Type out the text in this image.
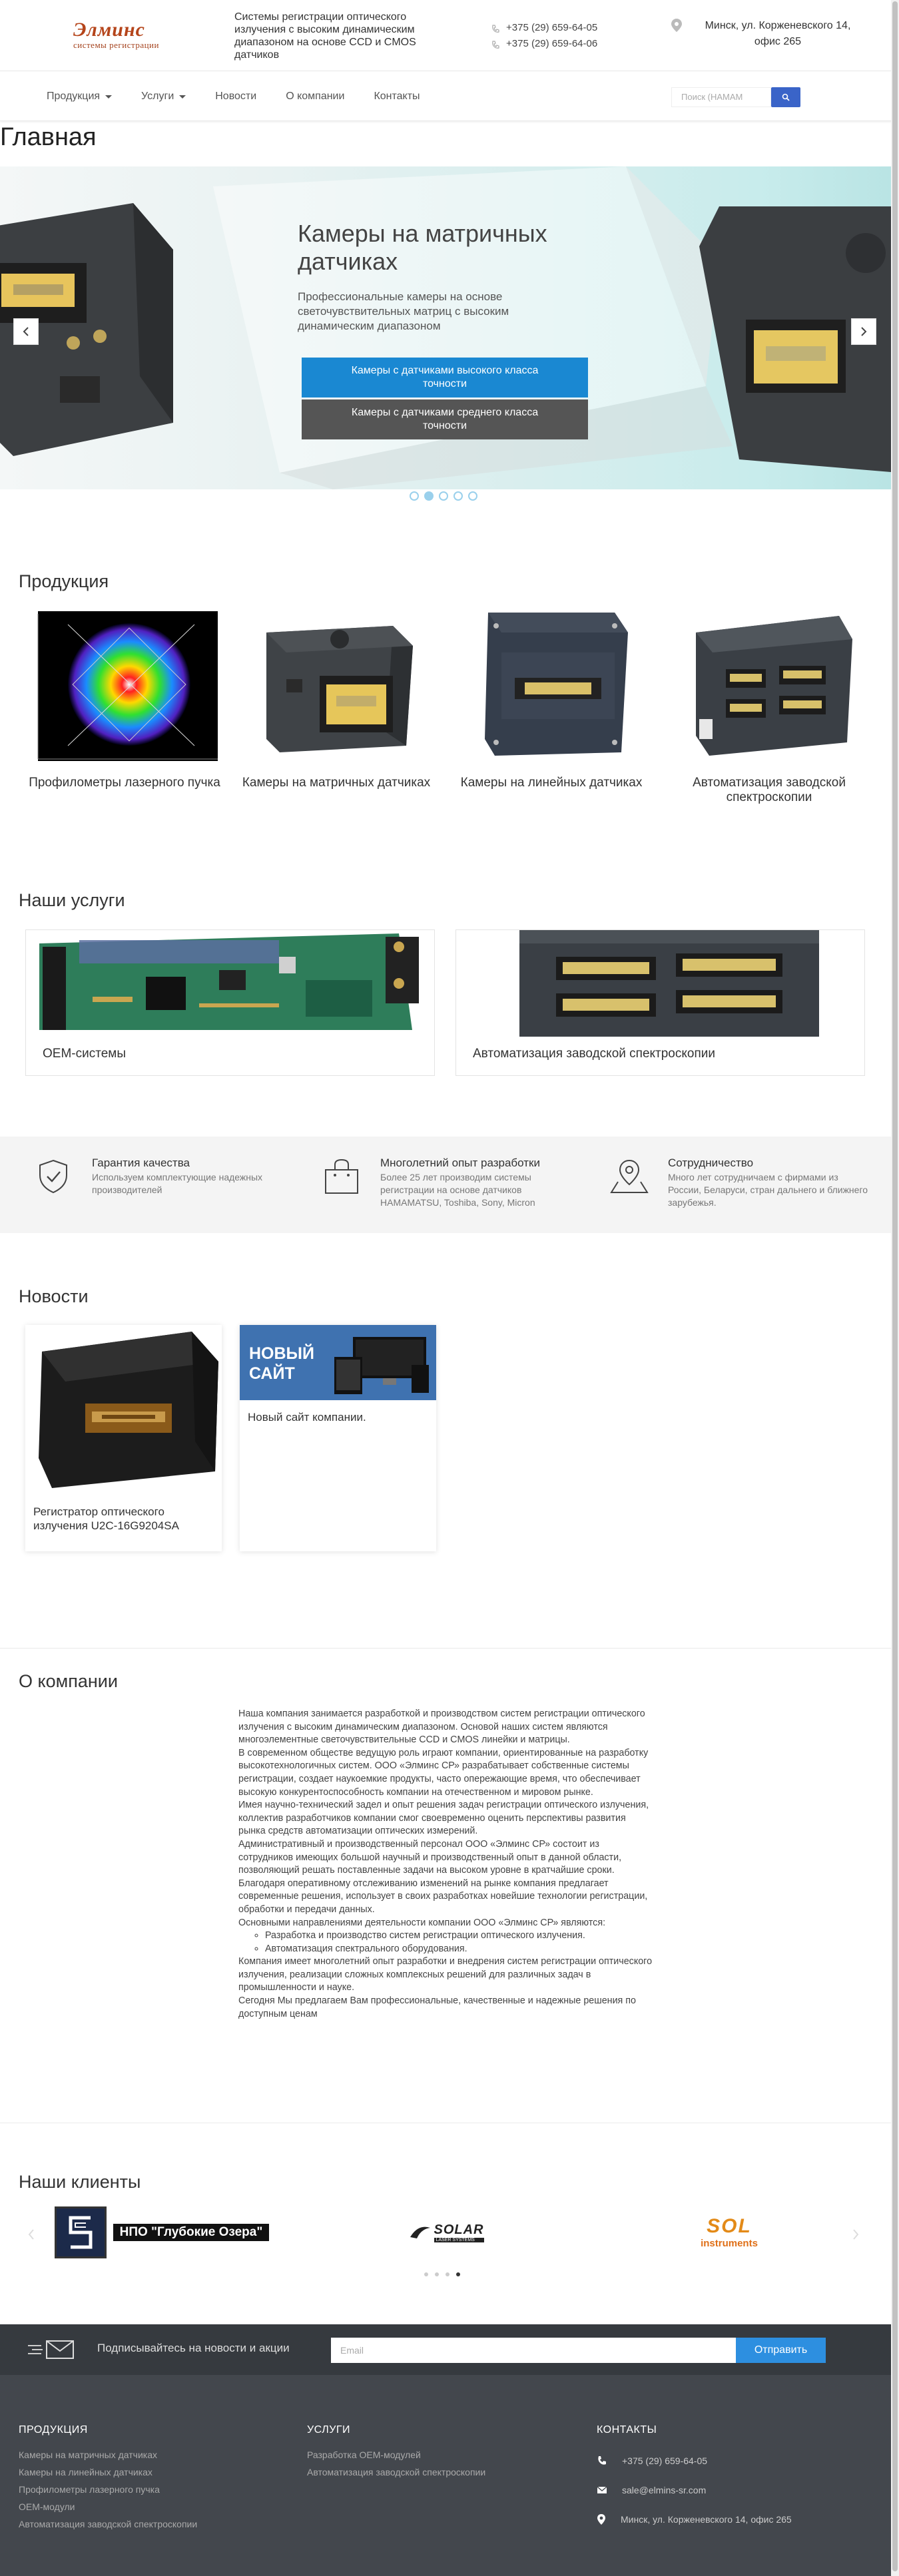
Элминс
системы регистрации
Системы регистрации оптического излучения с высоким динамическим диапазоном на основе CCD и CMOS датчиков
+375 (29) 659-64-05
+375 (29) 659-64-06
Минск, ул. Корженевского 14, офис 265
Продукция	Услуги	Новости	О компании	Контакты	Поиск (НАМАМ
Главная
Камеры на матричных датчиках
Профессиональные камеры на основе светочувствительных матриц с высоким динамическим диапазоном
Камеры с датчиками высокого класса точности
Камеры с датчиками среднего класса точности
Продукция
Профилометры лазерного пучка Камеры на матричных датчиках	Камеры на линейных датчиках	Автоматизация заводской спектроскопии
Наши услуги
OEM-системы	Автоматизация заводской спектроскопии
Гарантия качества
Используем комплектующие надежных производителей
Многолетний опыт разработки
Более 25 лет производим системы регистрации на основе датчиков HAMAMATSU, Toshiba, Sony, Micron
Сотрудничество
Много лет сотрудничаем с фирмами из России, Беларуси, стран дальнего и ближнего зарубежья.
Новости
Регистратор оптического излучения U2C-16G9204SA
НОВЫЙ САЙТ
Новый сайт компании.
О компании

Наша компания занимается разработкой и производством систем регистрации оптического излучения с высоким динамическим диапазоном. Основой наших систем являются многоэлементные светочувствительные CCD и CMOS линейки и матрицы.

В современном обществе ведущую роль играют компании, ориентированные на разработку высокотехнологичных систем. ООО «Элминс СР» разрабатывает собственные системы регистрации, создает наукоемкие продукты, часто опережающие время, что обеспечивает высокую конкурентоспособность компании на отечественном и мировом рынке.

Имея научно-технический задел и опыт решения задач регистрации оптического излучения, коллектив разработчиков компании смог своевременно оценить перспективы развития рынка средств автоматизации оптических измерений.

Административный и производственный персонал ООО «Элминс СР» состоит из сотрудников имеющих большой научный и производственный опыт в данной области, позволяющий решать поставленные задачи на высоком уровне в кратчайшие сроки.

Благодаря оперативному отслеживанию изменений на рынке компания предлагает современные решения, использует в своих разработках новейшие технологии регистрации, обработки и передачи данных.

Основными направлениями деятельности компании ООО «Элминс СР» являются:

◦ Разработка и производство систем регистрации оптического излучения.
◦ Автоматизация спектрального оборудования.

Компания имеет многолетний опыт разработки и внедрения систем регистрации оптического излучения, реализации сложных комплексных решений для различных задач в промышленности и науке.

Сегодня Мы предлагаем Вам профессиональные, качественные и надежные решения по доступным ценам

Наши клиенты
НПО "Глубокие Озера"	SOLAR
LASER SYSTEMS
SOL
instruments
Подписывайтесь на новости и акции	Email	Отправить
ПРОДУКЦИЯ
Камеры на матричных датчиках
Камеры на линейных датчиках
Профилометры лазерного пучка
OEM-модули
Автоматизация заводской спектроскопии
УСЛУГИ
Разработка OEM-модулей
Автоматизация заводской спектроскопии
КОНТАКТЫ
+375 (29) 659-64-05
sale@elmins-sr.com
Минск, ул. Корженевского 14, офис 265
